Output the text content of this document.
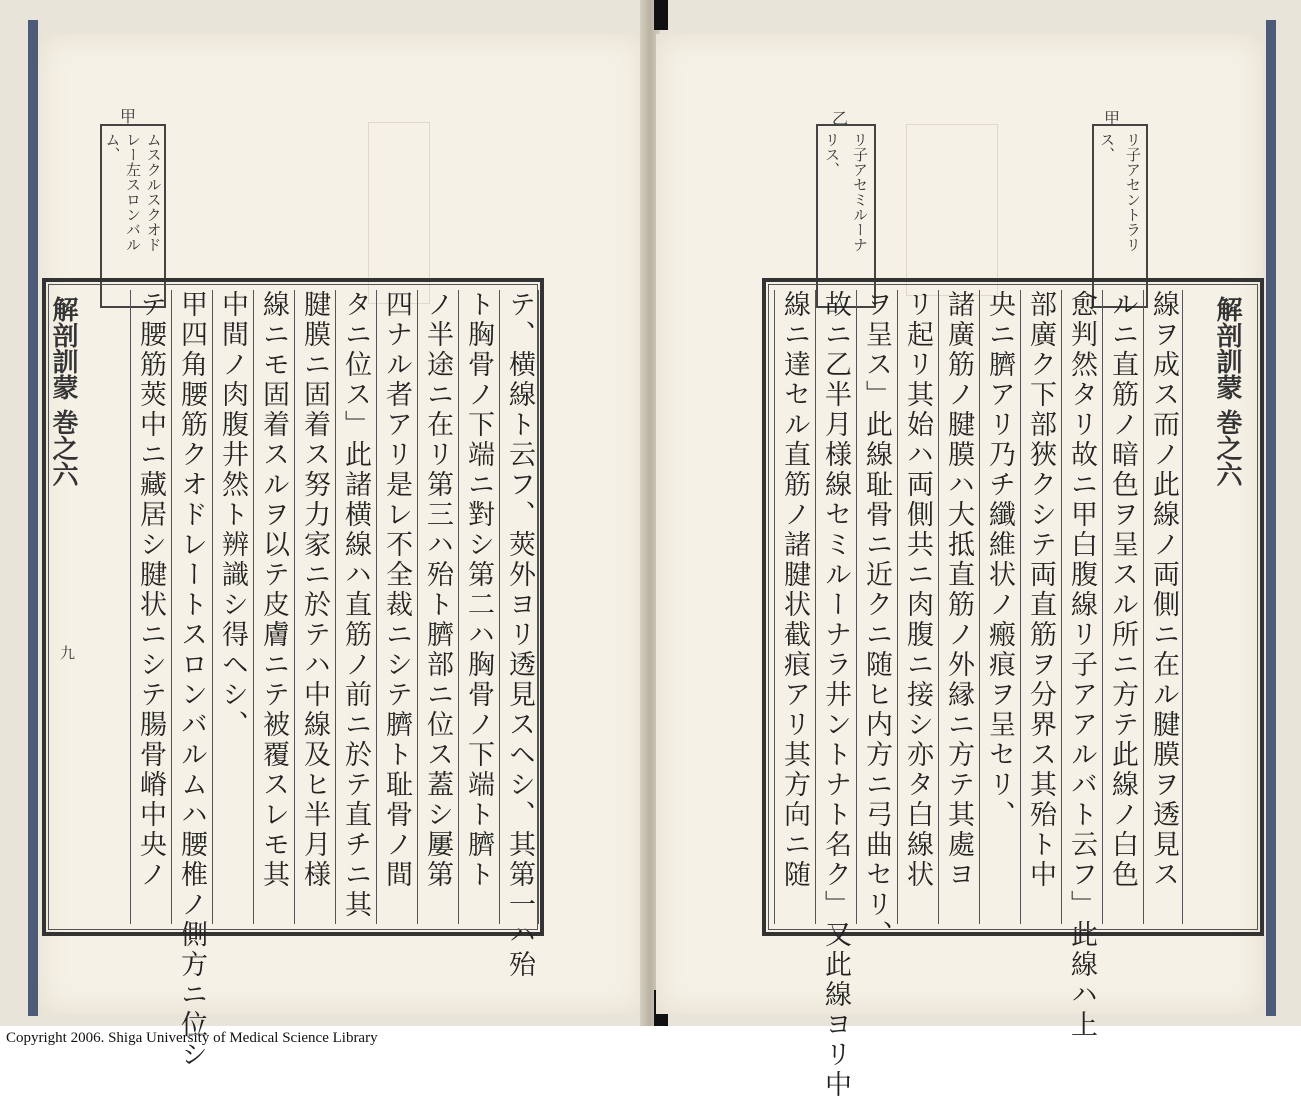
甲
ムスクルスクオド
レー左スロンバル
ム、
解剖訓蒙 巻之六 テ腰筋莢中ニ藏居シ腱状ニシテ腸骨嵴中央ノ 甲四角腰筋クオドレートスロンバルムハ腰椎ノ側方ニ位シ 中間ノ肉腹井然ト辨識シ得ヘシ、 線ニモ固着スルヲ以テ皮膚ニテ被覆スレモ其 腱膜ニ固着ス努力家ニ於テハ中線及ヒ半月様 タニ位ス」此諸横線ハ直筋ノ前ニ於テ直チニ其 四ナル者アリ是レ不全裁ニシテ臍ト耻骨ノ間 ノ半途ニ在リ第三ハ殆ト臍部ニ位ス蓋シ屢第 ト胸骨ノ下端ニ對シ第二ハ胸骨ノ下端ト臍ト テ、横線ト云フ、莢外ヨリ透見スヘシ、其第一ハ殆
九
乙
リ子アセミルーナ
リス、
甲
リ子アセントラリ
ス、
線ニ達セル直筋ノ諸腱状截痕アリ其方向ニ随 故ニ乙半月様線セミルーナラ井ントナト名ク」又此線ヨリ中 ヲ呈ス」此線耻骨ニ近クニ随ヒ内方ニ弓曲セリ、 リ起リ其始ハ両側共ニ肉腹ニ接シ亦タ白線状 諸廣筋ノ腱膜ハ大抵直筋ノ外縁ニ方テ其處ヨ 央ニ臍アリ乃チ纖維状ノ瘢痕ヲ呈セリ、 部廣ク下部狹クシテ両直筋ヲ分界ス其殆ト中 愈判然タリ故ニ甲白腹線リ子アアルバト云フ」此線ハ上 ルニ直筋ノ暗色ヲ呈スル所ニ方テ此線ノ白色 線ヲ成ス而ノ此線ノ両側ニ在ル腱膜ヲ透見ス 解剖訓蒙 巻之六
Copyright 2006. Shiga University of Medical Science Library
